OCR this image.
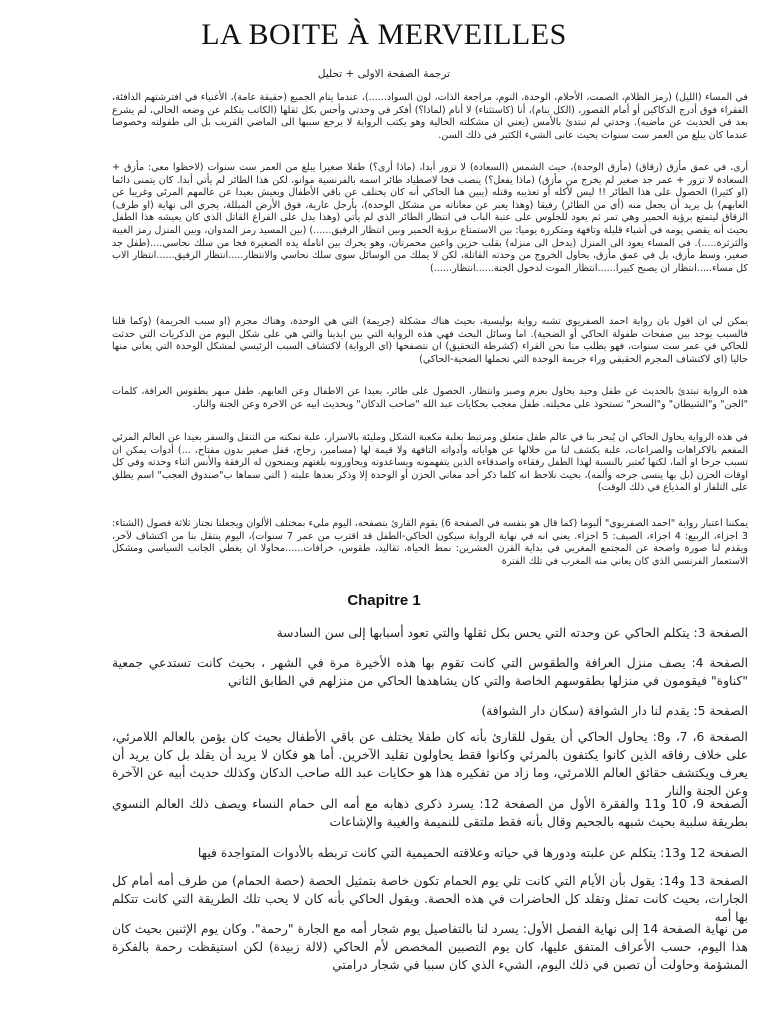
LA BOITE À MERVEILLES
ترجمة الصفحة الاولى + تحليل
في المساء (الليل) (رمز الظلام، الصمت، الأحلام، الوحدة، النوم، مراجعة الذات، لون السواد......)، عندما ينام الجميع (حقيقة عامة)، الأغنياء في افترشتهم الدافئة، الفقراء فوق أدرج الدكاكين أو أمام القصور، (الكل ينام)، أنا (كاستثناء) لا أنام (لماذا؟) أفكر في وحدتي وأحس بكل ثقلها (الكاتب يتكلم عن وضعه الحالي، لم يشرع بعد في الحديث عن ماضيه). وحدتي لم تبتدئ بالأمس (يعني ان مشكلته الحالية وهو يكتب الرواية لا يرجع سببها الى الماضي القريب بل الى طفولته وخصوصا عندما كان يبلغ من العمر ست سنوات بحيث عانى الشيء الكثير في ذلك السن.
أرى، في عمق مأزق (زقاق) (مأزق الوحدة)، حيث الشمس (السعادة) لا تزور أبدا، (ماذا أرى؟) طفلا صغيرا يبلغ من العمر ست سنوات (لاحظوا معي: مأزق + السعادة لا تزور + عمر جد صغير لم يخرج من مأزق) (ماذا يفعل؟) ينصب فخا لاصطياد طائر اسمه بالفرنسية موانو، لكن هذا الطائر لم يأتي أبدا. كان يتمنى دائما (او كثيرا) الحصول على هذا الطائر !! ليس لأكله أو تعذيبه وقتله (يبين هنا الحاكي أنه كان يختلف عن باقي الأطفال ويعيش بعيدا عن عالمهم المرئي وغريبا عن العابهم) بل يريد أن يجعل منه (أي من الطائر) رفيقا (وهذا يعبر عن معاناته من مشكل الوحدة)، بأرجل عارية، فوق الأرض المبللة، يجري الى نهاية (او طرف) الزقاق ليتمتع برؤية الحمير وهي تمر ثم يعود للجلوس على عتبة الباب في انتظار الطائر الذي لم يأتي (وهذا يدل على الفراغ القاتل الذي كان يعيشه هذا الطفل بحيث أنه يقضي يومه في أشياء قليلة وتافهة ومتكررة يوميا: بين الاستمتاع برؤية الحمير وبين انتظار الرفيق......) (بين المسيد رمز المدوان، وبين المنزل رمز الغيبة والثرثرة.....). في المساء يعود الى المنزل (يدخل الى منزله) بقلب حزين واعين محمرتان، وهو يحرك بين اناملة يده الصغيرة فخا من سلك نحاسي....(طفل جد صغير، وسط مأزق، بل في عمق مأزق، يحاول الخروج من وحدته القاتلة، لكن لا يملك من الوسائل سوى سلك نحاسي والانتظار.....انتظار الرفيق......انتظار الاب كل مساء.....انتظار ان يصبح كبيرا......انتظار الموت لدخول الجنة......انتظار......)
يمكن لي ان اقول بان رواية احمد الصفريوي تشبه رواية بوليسية، بحيث هناك مشكلة (جريمة) التي هي الوحدة، وهناك مجرم (او سبب الجريمة) (وكما قلنا فالسبب يوجد بين صفحات طفولة الحاكي أو الضحية). اما وسائل البحث فهي هذه الرواية التي بين ايدينا والتي هي على شكل اليوم من الذكريات التي حدثت للحاكي في عمر ست سنوات، فهو يطلب منا نحن القراء (كشرطة التحقيق) ان نتصفحها (اي الرواية) لاكتشاف السبب الرئيسي لمشكل الوحدة التي يعاني منها حاليا (اي لاكتشاف المجرم الحقيقي وراء جريمة الوحدة التي تحملها الضحية-الحاكي)
هذه الرواية تبتدئ بالحديث عن طفل وحيد يحاول بعزم وصبر وانتظار، الحصول على طائر، بعيدا عن الاطفال وعن العابهم. طفل مبهر بطقوس العرافة، كلمات "الجن" و"الشيطان" و"السحر" تستحوذ على مخيلته. طفل معجب بحكايات عبد الله "صاحب الدكان" وبحديث ابيه عن الاخرة وعن الجنة والنار.
في هذه الرواية يحاول الحاكي ان يُبحر بنا في عالم طفل متعلق ومرتبط بعلبة مكعبة الشكل ومليئة بالاسرار، علبة تمكنه من التنقل والسفر بعيدا عن العالم المرئي المفعم بالاكراهات والصراعات، علبة يكشف لنا من خلالها عن هواياته وأدواته التافهة ولا قيمة لها (مسامير، زجاج، قفل صغير بدون مفتاح، ...) أدوات يمكن ان تسبب جرحا او ألما، لكنها تُعتبر بالنسبة لهذا الطفل رفقاءه واصدقاءه الذين يتفهمونه ويساعدونه ويحاورونه بلغتهم ويمنحون له الرفقة والأنس اثناء وحدته وفي كل اوقات الحزن (بل بها ينسى جرحه وألمه)، بحيث نلاحظ انه كلما ذكر أحد معاني الحزن أو الوحدة إلا وذكر بعدها علبته ( التي سماها ب"صندوق العجب" اسم يطلق على التلفاز او المذياع في ذلك الوقت)
يمكننا اعتبار رواية "احمد الصفريوي" ألبوما (كما قال هو بنفسه في الصفحة 6) يقوم القارئ بتصفحه، اليوم مليء بمختلف الألوان ويجعلنا نجتاز ثلاثة فصول (الشتاء: 3 اجزاء، الربيع: 4 اجزاء، الصيف: 5 اجزاء. يعني انه في نهاية الرواية سيكون الحاكي-الطفل قد اقترب من عمر 7 سنوات)، اليوم ينتقل بنا من اكتشاف لآخر، ويقدم لنا صورة واضحة عن المجتمع المغربي في بداية القرن العشرين: نمط الحياة، تقاليد، طقوس، خرافات......محاولا ان يغطي الجانب السياسي ومشكل الاستعمار الفرنسي الذي كان يعاني منه المغرب في تلك الفترة
Chapitre 1
الصفحة 3: يتكلم الحاكي عن وحدته التي يحس بكل ثقلها والتي تعود أسبابها إلى سن السادسة
الصفحة 4: يصف منزل العرافة والطقوس التي كانت تقوم بها هذه الأخيرة مرة في الشهر ، بحيث كانت تستدعي جمعية "كناوة" فيقومون في منزلها بطقوسهم الخاصة والتي كان يشاهدها الحاكي من منزلهم في الطابق الثاني
الصفحة 5: يقدم لنا دار الشوافة (سكان دار الشوافة)
الصفحة 6، 7، و8: يحاول الحاكي أن يقول للقارئ بأنه كان طفلا يختلف عن باقي الأطفال بحيث كان يؤمن بالعالم اللامرئي، على خلاف رفاقه الذين كانوا يكتفون بالمرئي وكانوا فقط يحاولون تقليد الآخرين. أما هو فكان لا يريد أن يقلد بل كان يريد أن يعرف ويكتشف حقائق العالم اللامرئي، وما زاد من تفكيره هذا هو حكايات عبد الله صاحب الدكان وكذلك حديث أبيه عن الآخرة وعن الجنة والنار
الصفحة 9، 10 و11 والفقرة الأول من الصفحة 12: يسرد ذكرى ذهابه مع أمه الى حمام النساء ويصف ذلك العالم النسوي بطريقة سلبية بحيث شبهه بالجحيم وقال بأنه فقط ملتقى للنميمة والغيبة والإشاعات
الصفحة 12 و13: يتكلم عن علبته ودورها في حياته وعلاقته الحميمية التي كانت تربطه بالأدوات المتواجدة فيها
الصفحة 13 و14: يقول بأن الأيام التي كانت تلي يوم الحمام تكون خاصة بتمثيل الحصة (حصة الحمام) من طرف أمه أمام كل الجارات، بحيث كانت تمثل وتقلد كل الحاضرات في هذه الحصة. ويقول الحاكي بأنه كان لا يحب تلك الطريقة التي كانت تتكلم بها أمه
من نهاية الصفحة 14 إلى نهاية الفصل الأول: يسرد لنا بالتفاصيل يوم شجار أمه مع الجارة "رحمة". وكان يوم الإثنين بحيث كان هذا اليوم، حسب الأعراف المتفق عليها، كان يوم التصبين المخصص لأم الحاكي (لالة زبيدة) لكن استيقظت رحمة بالفكرة المشؤمة وحاولت أن تصبن في ذلك اليوم، الشيء الذي كان سببا في شجار درامتي
